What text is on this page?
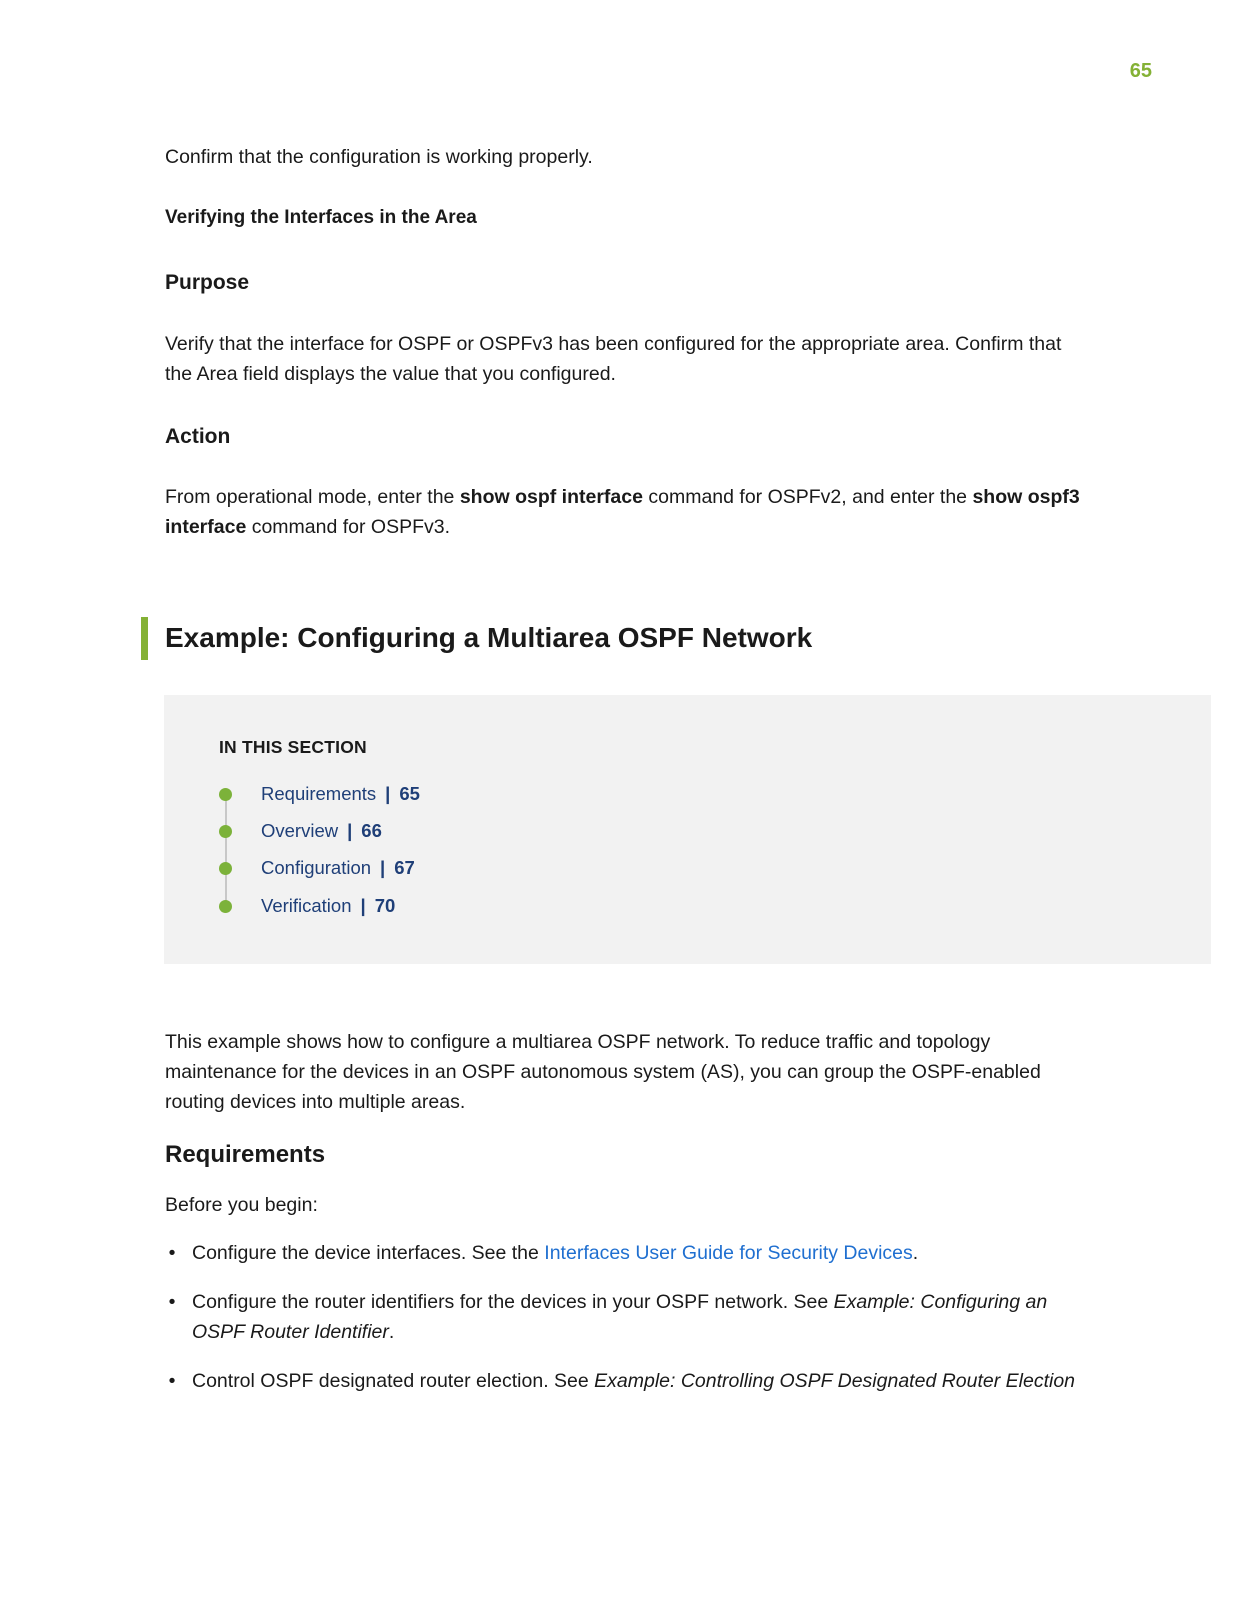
65
Confirm that the configuration is working properly.
Verifying the Interfaces in the Area
Purpose
Verify that the interface for OSPF or OSPFv3 has been configured for the appropriate area. Confirm that the Area field displays the value that you configured.
Action
From operational mode, enter the show ospf interface command for OSPFv2, and enter the show ospf3 interface command for OSPFv3.
Example: Configuring a Multiarea OSPF Network
IN THIS SECTION
Requirements | 65
Overview | 66
Configuration | 67
Verification | 70
This example shows how to configure a multiarea OSPF network. To reduce traffic and topology maintenance for the devices in an OSPF autonomous system (AS), you can group the OSPF-enabled routing devices into multiple areas.
Requirements
Before you begin:
• Configure the device interfaces. See the Interfaces User Guide for Security Devices.
• Configure the router identifiers for the devices in your OSPF network. See Example: Configuring an OSPF Router Identifier.
• Control OSPF designated router election. See Example: Controlling OSPF Designated Router Election
